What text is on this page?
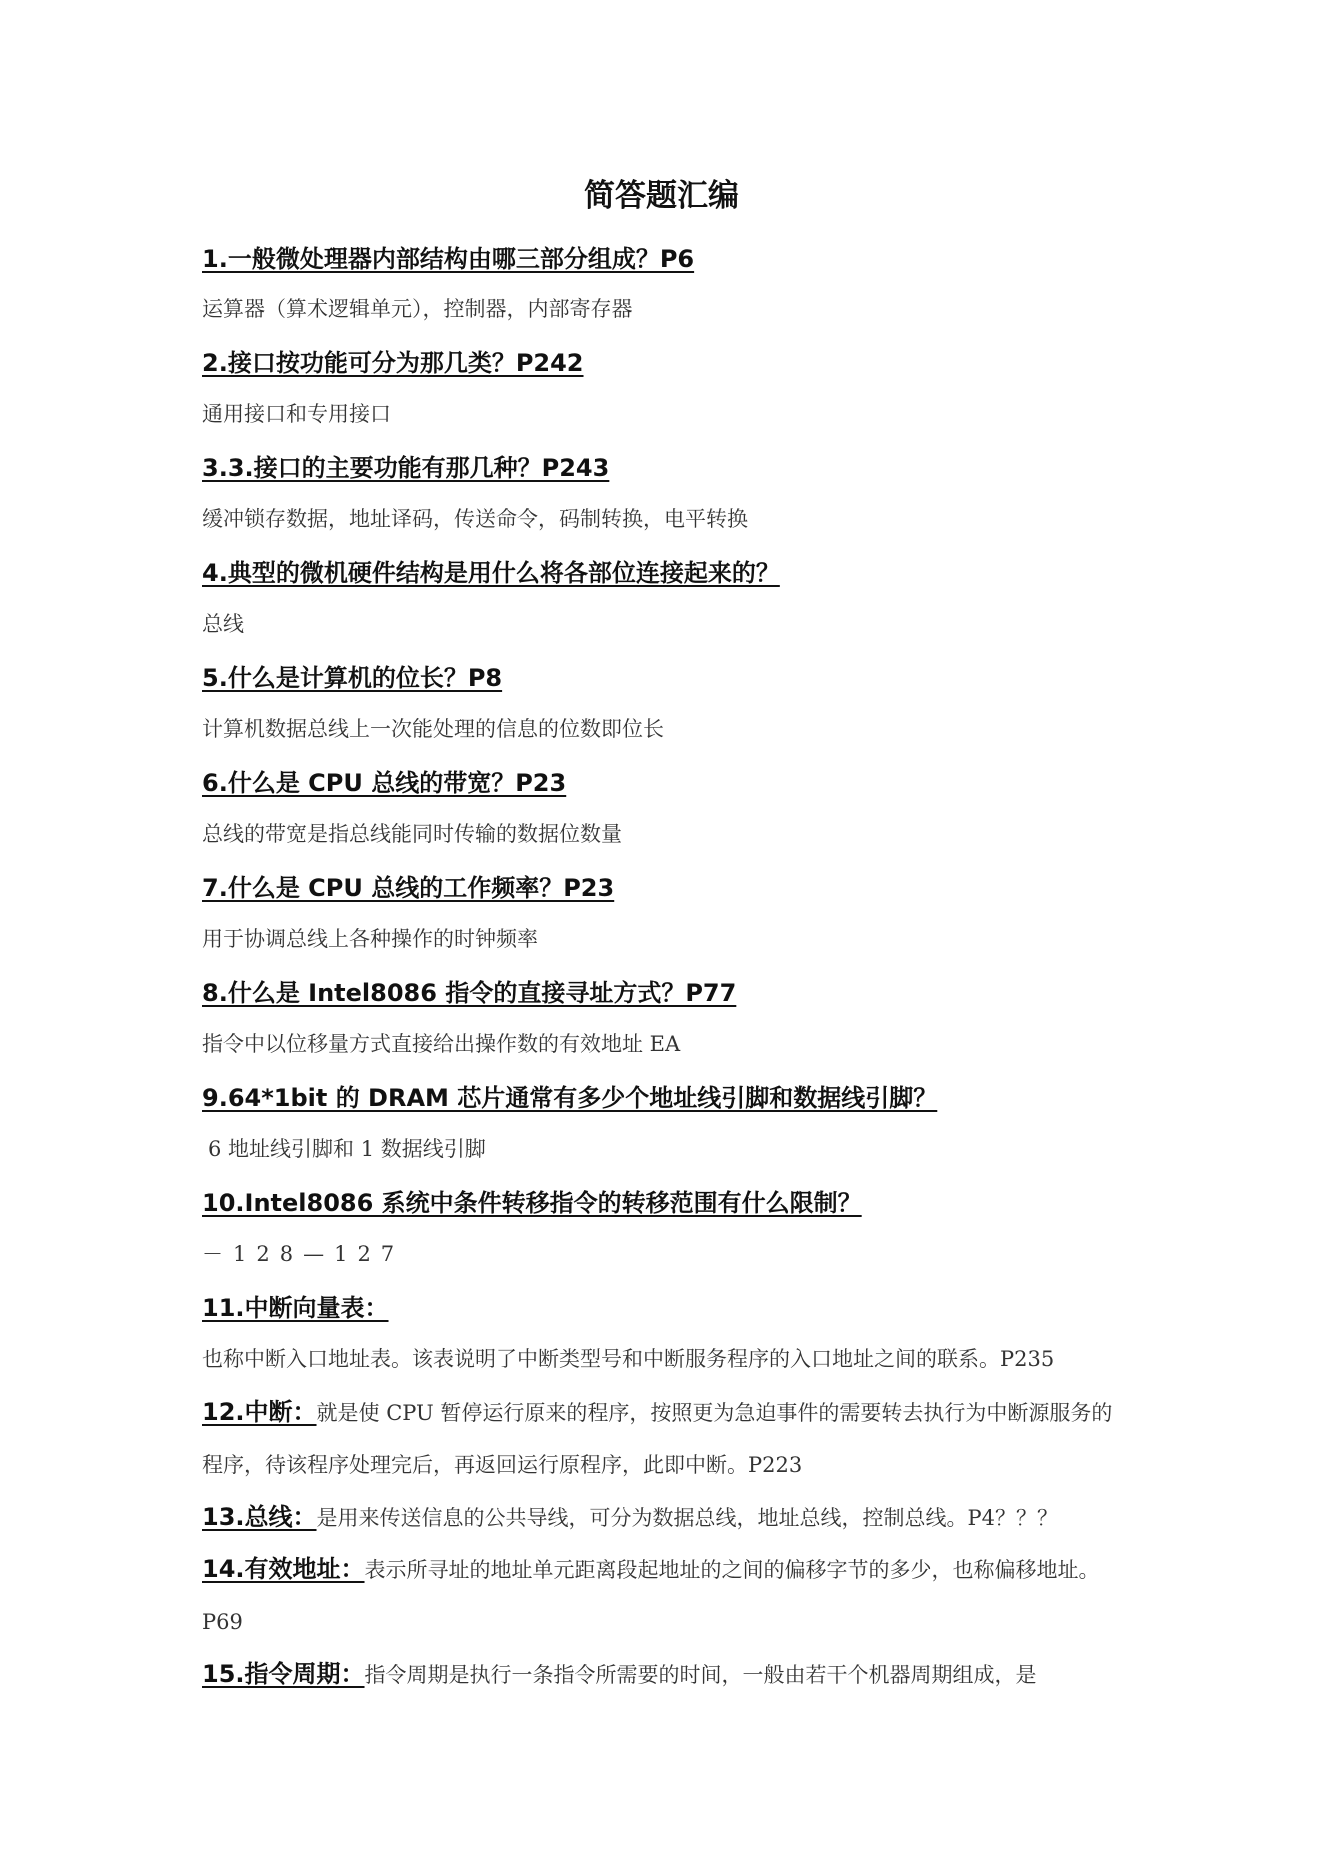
简答题汇编
1.一般微处理器内部结构由哪三部分组成？P6
运算器（算术逻辑单元），控制器，内部寄存器
2.接口按功能可分为那几类？P242
通用接口和专用接口
3.3.接口的主要功能有那几种？P243
缓冲锁存数据，地址译码，传送命令，码制转换，电平转换
4.典型的微机硬件结构是用什么将各部位连接起来的？
总线
5.什么是计算机的位长？P8
计算机数据总线上一次能处理的信息的位数即位长
6.什么是 CPU 总线的带宽？P23
总线的带宽是指总线能同时传输的数据位数量
7.什么是 CPU 总线的工作频率？P23
用于协调总线上各种操作的时钟频率
8.什么是 Intel8086 指令的直接寻址方式？P77
指令中以位移量方式直接给出操作数的有效地址 EA
9.64*1bit 的 DRAM 芯片通常有多少个地址线引脚和数据线引脚？
6 地址线引脚和 1 数据线引脚
10.Intel8086 系统中条件转移指令的转移范围有什么限制？
－128—127
11.中断向量表：
也称中断入口地址表。该表说明了中断类型号和中断服务程序的入口地址之间的联系。P235
12.中断：就是使 CPU 暂停运行原来的程序，按照更为急迫事件的需要转去执行为中断源服务的程序，待该程序处理完后，再返回运行原程序，此即中断。P223
13.总线：是用来传送信息的公共导线，可分为数据总线，地址总线，控制总线。P4？？？
14.有效地址：表示所寻址的地址单元距离段起地址的之间的偏移字节的多少，也称偏移地址。P69
15.指令周期：指令周期是执行一条指令所需要的时间，一般由若干个机器周期组成，是
